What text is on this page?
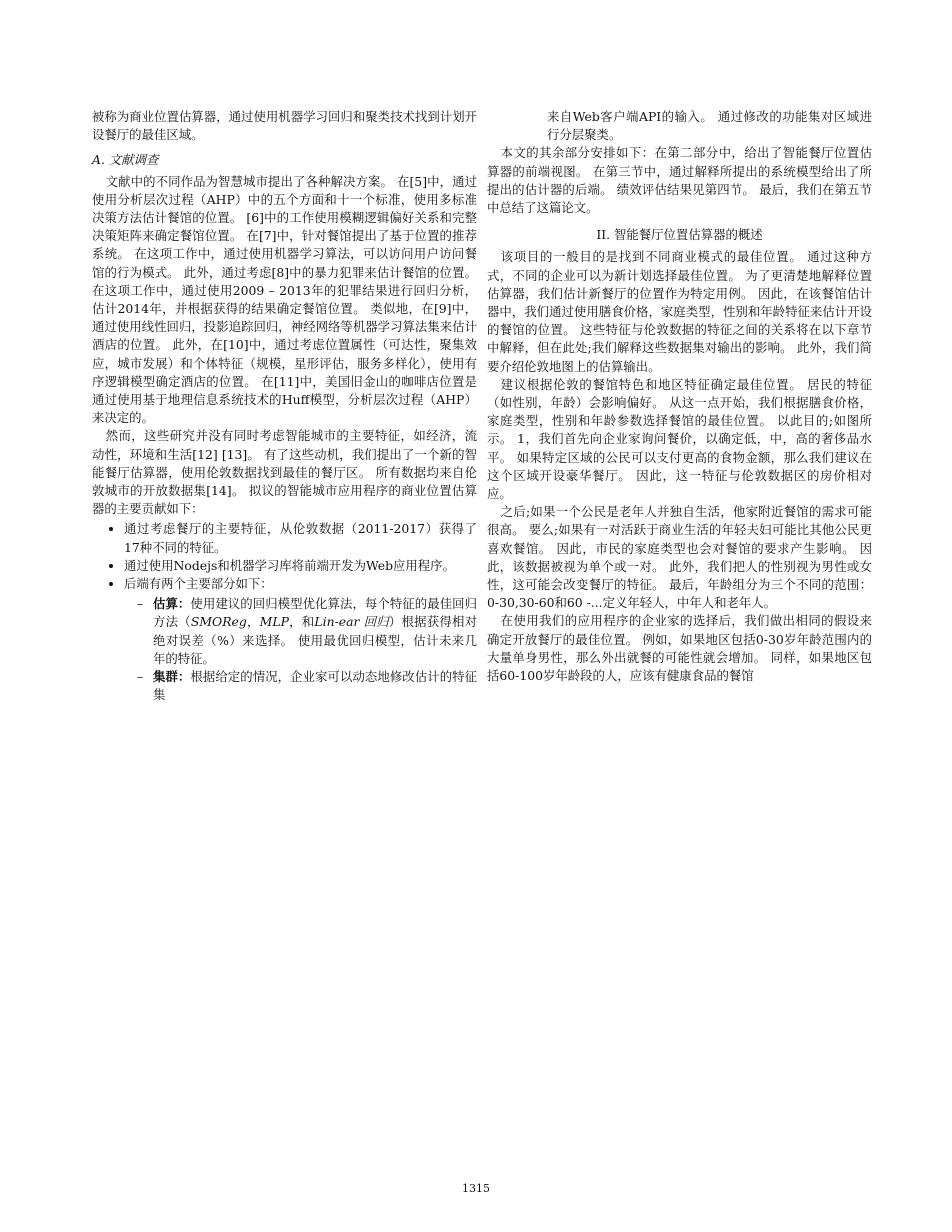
被称为商业位置估算器，通过使用机器学习回归和聚类技术找到计划开设餐厅的最佳区域。

A. 文献调查

文献中的不同作品为智慧城市提出了各种解决方案。 在[5]中，通过使用分析层次过程（AHP）中的五个方面和十一个标准，使用多标准决策方法估计餐馆的位置。 [6]中的工作使用模糊逻辑偏好关系和完整决策矩阵来确定餐馆位置。 在[7]中，针对餐馆提出了基于位置的推荐系统。 在这项工作中，通过使用机器学习算法，可以访问用户访问餐馆的行为模式。 此外，通过考虑[8]中的暴力犯罪来估计餐馆的位置。 在这项工作中，通过使用2009 – 2013年的犯罪结果进行回归分析，估计2014年，并根据获得的结果确定餐馆位置。 类似地，在[9]中，通过使用线性回归，投影追踪回归，神经网络等机器学习算法集来估计酒店的位置。 此外，在[10]中，通过考虑位置属性（可达性，聚集效应，城市发展）和个体特征（规模，星形评估，服务多样化），使用有序逻辑模型确定酒店的位置。 在[11]中，美国旧金山的咖啡店位置是通过使用基于地理信息系统技术的Huff模型，分析层次过程（AHP）来决定的。

然而，这些研究并没有同时考虑智能城市的主要特征，如经济，流动性，环境和生活[12] [13]。 有了这些动机，我们提出了一个新的智能餐厅估算器，使用伦敦数据找到最佳的餐厅区。 所有数据均来自伦敦城市的开放数据集[14]。 拟议的智能城市应用程序的商业位置估算器的主要贡献如下：

• 通过考虑餐厅的主要特征，从伦敦数据（2011-2017）获得了17种不同的特征。
• 通过使用Nodejs和机器学习库将前端开发为Web应用程序。
• 后端有两个主要部分如下：
– 估算：使用建议的回归模型优化算法，每个特征的最佳回归方法（SMOReg，MLP，和Lin-ear 回归）根据获得相对绝对误差（%）来选择。 使用最优回归模型，估计未来几年的特征。
– 集群：根据给定的情况，企业家可以动态地修改估计的特征集
来自Web客户端API的输入。 通过修改的功能集对区域进行分层聚类。

本文的其余部分安排如下：在第二部分中，给出了智能餐厅位置估算器的前端视图。 在第三节中，通过解释所提出的系统模型给出了所提出的估计器的后端。 绩效评估结果见第四节。 最后，我们在第五节中总结了这篇论文。

II. 智能餐厅位置估算器的概述

该项目的一般目的是找到不同商业模式的最佳位置。 通过这种方式，不同的企业可以为新计划选择最佳位置。 为了更清楚地解释位置估算器，我们估计新餐厅的位置作为特定用例。 因此，在该餐馆估计器中，我们通过使用膳食价格，家庭类型，性别和年龄特征来估计开设的餐馆的位置。 这些特征与伦敦数据的特征之间的关系将在以下章节中解释，但在此处;我们解释这些数据集对输出的影响。 此外，我们简要介绍伦敦地图上的估算输出。

建议根据伦敦的餐馆特色和地区特征确定最佳位置。 居民的特征（如性别，年龄）会影响偏好。 从这一点开始，我们根据膳食价格，家庭类型，性别和年龄参数选择餐馆的最佳位置。 以此目的;如图所示。 1，我们首先向企业家询问餐价，以确定低，中，高的奢侈品水平。 如果特定区域的公民可以支付更高的食物金额，那么我们建议在这个区域开设豪华餐厅。 因此，这一特征与伦敦数据区的房价相对应。

之后;如果一个公民是老年人并独自生活，他家附近餐馆的需求可能很高。 要么;如果有一对活跃于商业生活的年轻夫妇可能比其他公民更喜欢餐馆。 因此，市民的家庭类型也会对餐馆的要求产生影响。 因此，该数据被视为单个或一对。 此外，我们把人的性别视为男性或女性，这可能会改变餐厅的特征。 最后，年龄组分为三个不同的范围：0-30,30-60和60 -...定义年轻人，中年人和老年人。

在使用我们的应用程序的企业家的选择后，我们做出相同的假设来确定开放餐厅的最佳位置。 例如，如果地区包括0-30岁年龄范围内的大量单身男性，那么外出就餐的可能性就会增加。 同样，如果地区包括60-100岁年龄段的人，应该有健康食品的餐馆

1315
